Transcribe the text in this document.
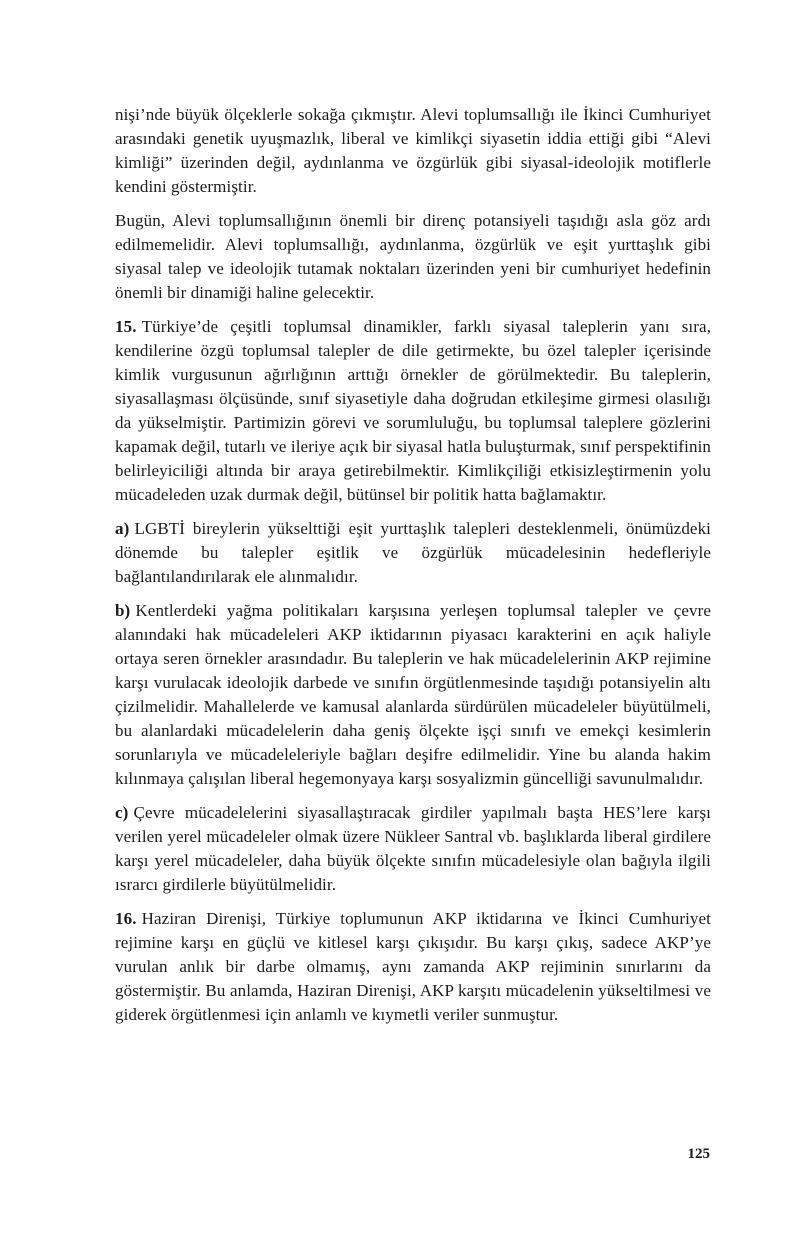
nişi’nde büyük ölçeklerle sokağa çıkmıştır. Alevi toplumsallığı ile İkinci Cumhuriyet arasındaki genetik uyuşmazlık, liberal ve kimlikçi siyasetin iddia ettiği gibi “Alevi kimliği” üzerinden değil, aydınlanma ve özgürlük gibi siyasal-ideolojik motiflerle kendini göstermiştir.

Bugün, Alevi toplumsallığının önemli bir direnç potansiyeli taşıdığı asla göz ardı edilmemelidir. Alevi toplumsallığı, aydınlanma, özgürlük ve eşit yurttaşlık gibi siyasal talep ve ideolojik tutamak noktaları üzerinden yeni bir cumhuriyet hedefinin önemli bir dinamiği haline gelecektir.

15. Türkiye’de çeşitli toplumsal dinamikler, farklı siyasal taleplerin yanı sıra, kendilerine özgü toplumsal talepler de dile getirmekte, bu özel talepler içerisinde kimlik vurgusunun ağırlığının arttığı örnekler de görülmektedir. Bu taleplerin, siyasallaşması ölçüsünde, sınıf siyasetiyle daha doğrudan etkileşime girmesi olasılığı da yükselmiştir. Partimizin görevi ve sorumluluğu, bu toplumsal taleplere gözlerini kapamak değil, tutarlı ve ileriye açık bir siyasal hatla buluşturmak, sınıf perspektifinin belirleyiciliği altında bir araya getirebilmektir. Kimlikçiliği etkisizleştirmenin yolu mücadeleden uzak durmak değil, bütünsel bir politik hatta bağlamaktır.

a) LGBTİ bireylerin yükselttiği eşit yurttaşlık talepleri desteklenmeli, önümüzdeki dönemde bu talepler eşitlik ve özgürlük mücadelesinin hedefleriyle bağlantılandırılarak ele alınmalıdır.

b) Kentlerdeki yağma politikaları karşısına yerleşen toplumsal talepler ve çevre alanındaki hak mücadeleleri AKP iktidarının piyasacı karakterini en açık haliyle ortaya seren örnekler arasındadır. Bu taleplerin ve hak mücadelelerinin AKP rejimine karşı vurulacak ideolojik darbede ve sınıfın örgütlenmesinde taşıdığı potansiyelin altı çizilmelidir. Mahallelerde ve kamusal alanlarda sürdürülen mücadeleler büyütülmeli, bu alanlardaki mücadelelerin daha geniş ölçekte işçi sınıfı ve emekçi kesimlerin sorunlarıyla ve mücadeleleriyle bağları deşifre edilmelidir. Yine bu alanda hakim kılınmaya çalışılan liberal hegemonyaya karşı sosyalizmin güncelliği savunulmalıdır.

c) Çevre mücadelelerini siyasallaştıracak girdiler yapılmalı başta HES’lere karşı verilen yerel mücadeleler olmak üzere Nükleer Santral vb. başlıklarda liberal girdilere karşı yerel mücadeleler, daha büyük ölçekte sınıfın mücadelesiyle olan bağıyla ilgili ısrarcı girdilerle büyütülmelidir.

16. Haziran Direnişi, Türkiye toplumunun AKP iktidarına ve İkinci Cumhuriyet rejimine karşı en güçlü ve kitlesel karşı çıkışıdır. Bu karşı çıkış, sadece AKP’ye vurulan anlık bir darbe olmamış, aynı zamanda AKP rejiminin sınırlarını da göstermiştir. Bu anlamda, Haziran Direnişi, AKP karşıtı mücadelenin yükseltilmesi ve giderek örgütlenmesi için anlamlı ve kıymetli veriler sunmuştur.

125
